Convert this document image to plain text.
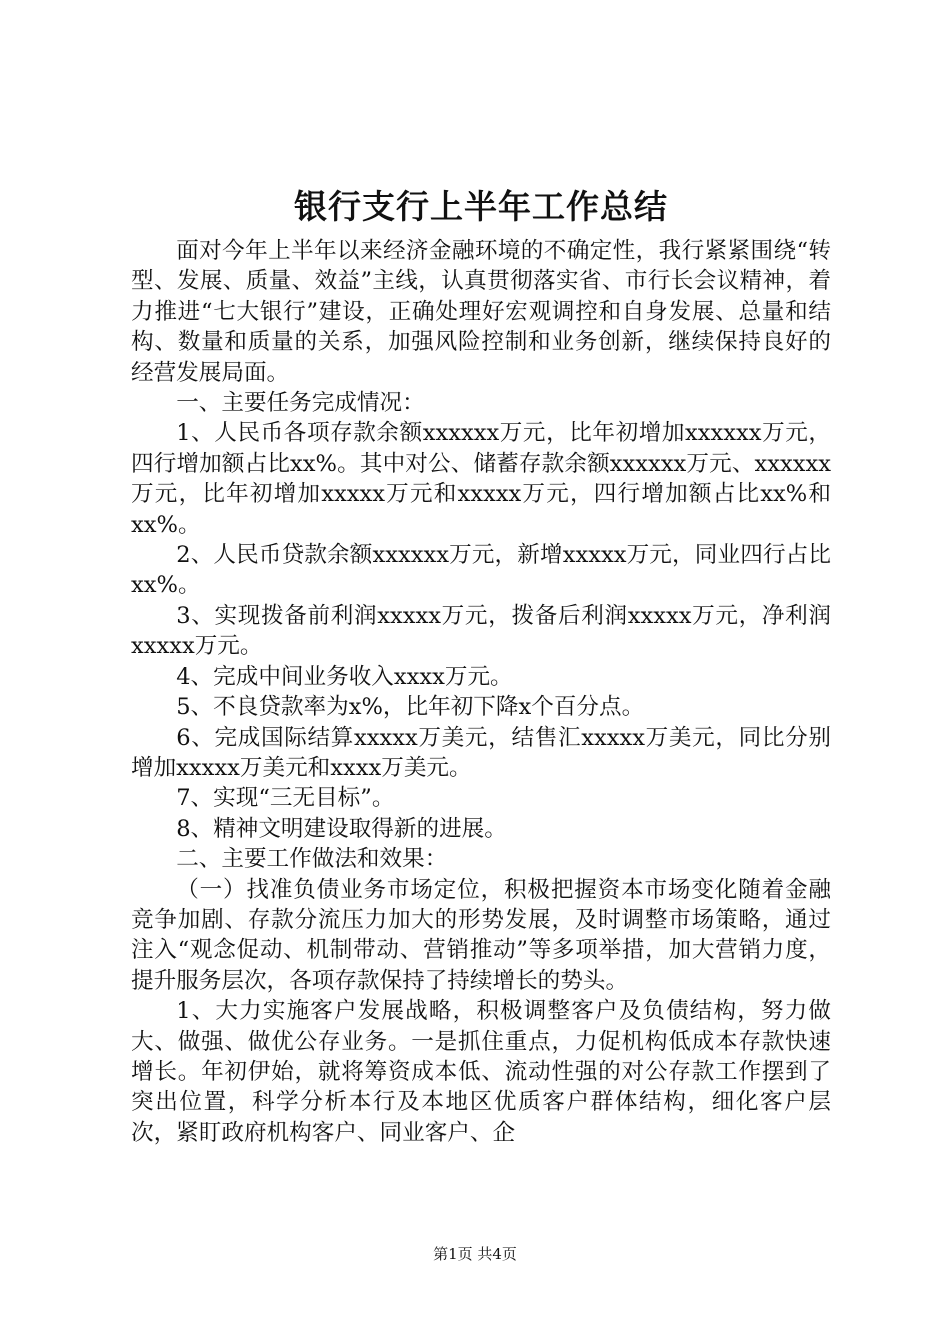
银行支行上半年工作总结

面对今年上半年以来经济金融环境的不确定性，我行紧紧围绕“转型、发展、质量、效益”主线，认真贯彻落实省、市行长会议精神，着力推进“七大银行”建设，正确处理好宏观调控和自身发展、总量和结构、数量和质量的关系，加强风险控制和业务创新，继续保持良好的经营发展局面。

一、主要任务完成情况：

1、人民币各项存款余额xxxxxx万元，比年初增加xxxxxx万元，四行增加额占比xx%。其中对公、储蓄存款余额xxxxxx万元、xxxxxx万元，比年初增加xxxxx万元和xxxxx万元，四行增加额占比xx%和xx%。

2、人民币贷款余额xxxxxx万元，新增xxxxx万元，同业四行占比xx%。

3、实现拨备前利润xxxxx万元，拨备后利润xxxxx万元，净利润xxxxx万元。

4、完成中间业务收入xxxx万元。

5、不良贷款率为x%，比年初下降x个百分点。

6、完成国际结算xxxxx万美元，结售汇xxxxx万美元，同比分别增加xxxxx万美元和xxxx万美元。

7、实现“三无目标”。

8、精神文明建设取得新的进展。

二、主要工作做法和效果：

（一）找准负债业务市场定位，积极把握资本市场变化随着金融竞争加剧、存款分流压力加大的形势发展，及时调整市场策略，通过注入“观念促动、机制带动、营销推动”等多项举措，加大营销力度，提升服务层次，各项存款保持了持续增长的势头。

1、大力实施客户发展战略，积极调整客户及负债结构，努力做大、做强、做优公存业务。一是抓住重点，力促机构低成本存款快速增长。年初伊始，就将筹资成本低、流动性强的对公存款工作摆到了突出位置，科学分析本行及本地区优质客户群体结构，细化客户层次，紧盯政府机构客户、同业客户、企

第1页 共4页
